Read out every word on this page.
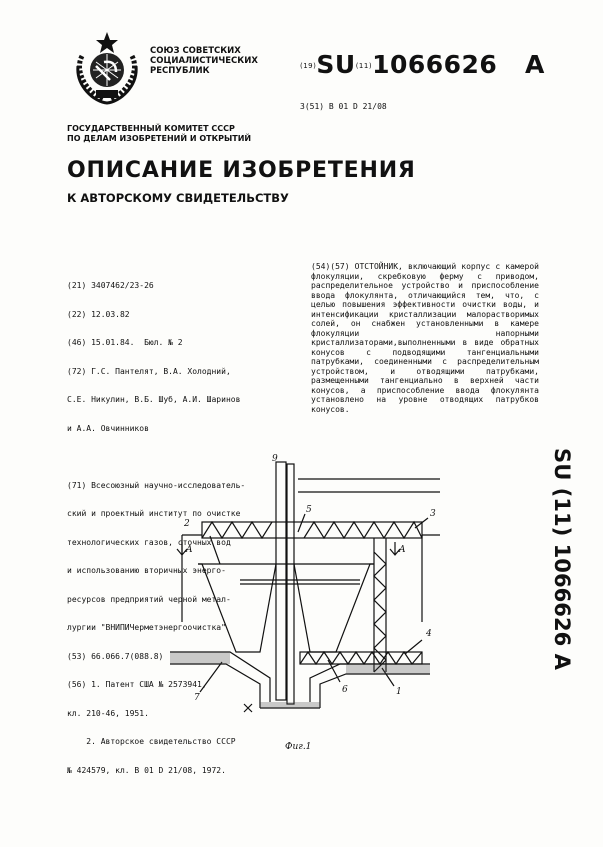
СОЮЗ СОВЕТСКИХ
СОЦИАЛИСТИЧЕСКИХ
РЕСПУБЛИК	(19)SU(11)1066626 A
3(51) В 01 D 21/08
ГОСУДАРСТВЕННЫЙ КОМИТЕТ СССР
ПО ДЕЛАМ ИЗОБРЕТЕНИЙ И ОТКРЫТИЙ
ОПИСАНИЕ ИЗОБРЕТЕНИЯ
К АВТОРСКОМУ СВИДЕТЕЛЬСТВУ

(21) 3407462/23-26

(22) 12.03.82

(46) 15.01.84.  Бюл. № 2

(72) Г.С. Пантелят, В.А. Холодний,

С.Е. Никулин, В.Б. Шуб, А.И. Шаринов

и А.А. Овчинников

(71) Всесоюзный научно-исследователь-

ский и проектный институт по очистке

технологических газов, сточных вод

и использованию вторичных энерго-

ресурсов предприятий черной метал-

лургии "ВНИПИЧерметэнергоочистка"

(53) 66.066.7(088.8)

(56) 1. Патент США № 2573941,

кл. 210-46, 1951.

2. Авторское свидетельство СССР

№ 424579, кл. В 01 D 21/08, 1972.

(54)(57) ОТСТОЙНИК, включающий корпус с камерой флокуляции, скребковую ферму с приводом, распределительное устройство и приспособление ввода флокулянта, отличающийся тем, что, с целью повышения эффективности очистки воды, и интенсификации кристаллизации малорастворимых солей, он снабжен установленными в камере флокуляции напорными кристаллизаторами,выполненными в виде обратных конусов с подводящими тангенциальными патрубками, соединенными с распределительным устройством, и отводящими патрубками, размещенными тангенциально в верхней части конусов, а приспособление ввода флокулянта установлено на уровне отводящих патрубков конусов.
SU (11) 1066626 A
9
5	3
2
A	A
4
7
6	1
Фиг.1
